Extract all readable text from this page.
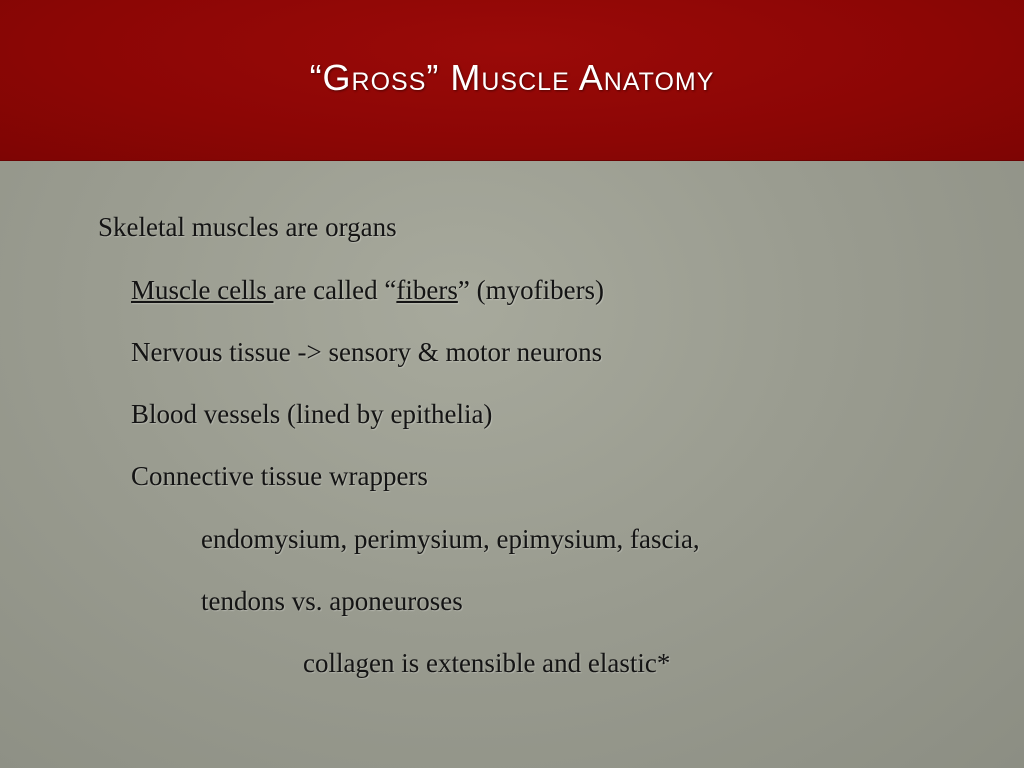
“Gross” Muscle Anatomy
Skeletal muscles are organs
Muscle cells are called “fibers” (myofibers)
Nervous tissue -> sensory & motor neurons
Blood vessels (lined by epithelia)
Connective tissue wrappers
endomysium, perimysium, epimysium, fascia,
tendons vs. aponeuroses
collagen is extensible and elastic*
